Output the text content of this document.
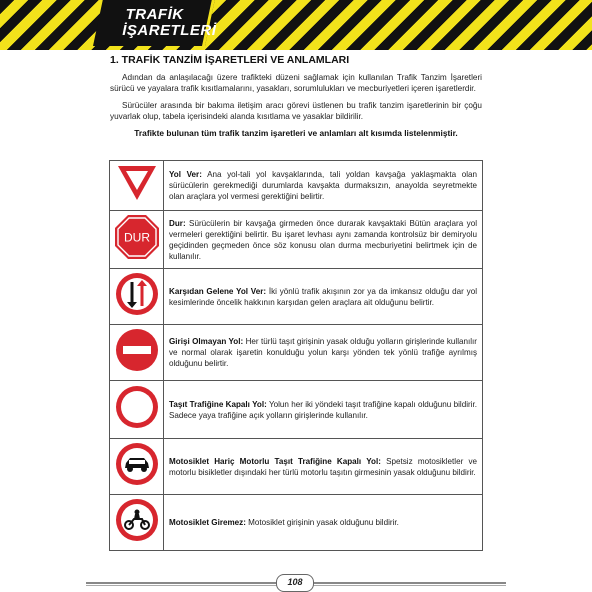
TRAFİK
İŞARETLERİ
1. TRAFİK TANZİM İŞARETLERİ VE ANLAMLARI

Adından da anlaşılacağı üzere trafikteki düzeni sağlamak için kullanılan Trafik Tanzim İşaretleri sürücü ve yayalara trafik kısıtlamalarını, yasakları, sorumlulukları ve mecburiyetleri içeren işaretlerdir.

Sürücüler arasında bir bakıma iletişim aracı görevi üstlenen bu trafik tanzim işaretlerinin bir çoğu yuvarlak olup, tabela içerisindeki alanda kısıtlama ve yasaklar bildirilir.

Trafikte bulunan tüm trafik tanzim işaretleri ve anlamları alt kısımda listelenmiştir.
	Yol Ver: Ana yol-tali yol kavşaklarında, tali yoldan kavşağa yaklaşmakta olan sürücülerin gerekmediği durumlarda kavşakta durmaksızın, anayolda seyretmekte olan araçlara yol vermesi gerektiğini belirtir.

DUR	Dur: Sürücülerin bir kavşağa girmeden önce durarak kavşaktaki Bütün araçlara yol vermeleri gerektiğini belirtir. Bu işaret levhası aynı zamanda kontrolsüz bir demiryolu geçidinden geçmeden önce söz konusu olan durma mecburiyetini belirtmek için de kullanılır.
	Karşıdan Gelene Yol Ver: İki yönlü trafik akışının zor ya da imkansız olduğu dar yol kesimlerinde öncelik hakkının karşıdan gelen araçlara ait olduğunu belirtir.
	Girişi Olmayan Yol: Her türlü taşıt girişinin yasak olduğu yolların girişlerinde kullanılır ve normal olarak işaretin konulduğu yolun karşı yönden tek yönlü trafiğe ayrılmış olduğunu belirtir.
	Taşıt Trafiğine Kapalı Yol: Yolun her iki yöndeki taşıt trafiğine kapalı olduğunu bildirir. Sadece yaya trafiğine açık yolların girişlerinde kullanılır.
	Motosiklet Hariç Motorlu Taşıt Trafiğine Kapalı Yol: Spetsiz motosikletler ve motorlu bisikletler dışındaki her türlü motorlu taşıtın girmesinin yasak olduğunu bildirir.
	Motosiklet Giremez: Motosiklet girişinin yasak olduğunu bildirir.
108
